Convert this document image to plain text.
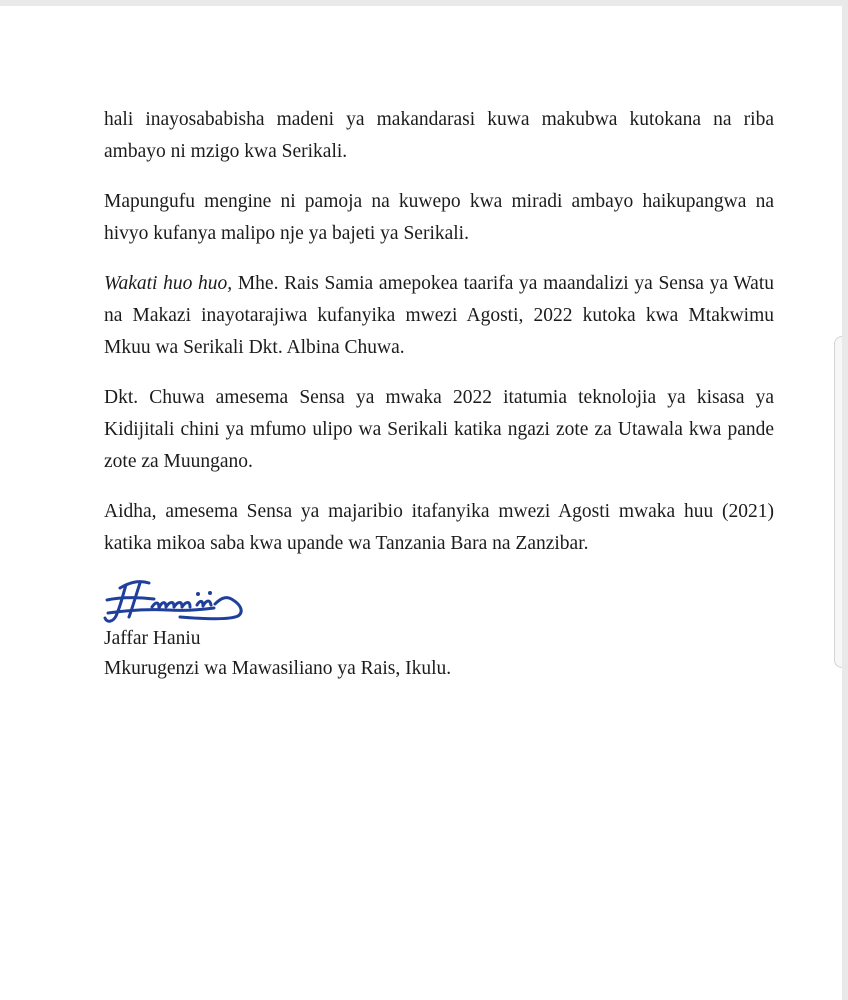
hali inayosababisha madeni ya makandarasi kuwa makubwa kutokana na riba ambayo ni mzigo kwa Serikali.

Mapungufu mengine ni pamoja na kuwepo kwa miradi ambayo haikupangwa na hivyo kufanya malipo nje ya bajeti ya Serikali.

Wakati huo huo, Mhe. Rais Samia amepokea taarifa ya maandalizi ya Sensa ya Watu na Makazi inayotarajiwa kufanyika mwezi Agosti, 2022 kutoka kwa Mtakwimu Mkuu wa Serikali Dkt. Albina Chuwa.

Dkt. Chuwa amesema Sensa ya mwaka 2022 itatumia teknolojia ya kisasa ya Kidijitali chini ya mfumo ulipo wa Serikali katika ngazi zote za Utawala kwa pande zote za Muungano.

Aidha, amesema Sensa ya majaribio itafanyika mwezi Agosti mwaka huu (2021) katika mikoa saba kwa upande wa Tanzania Bara na Zanzibar.

Jaffar Haniu
Mkurugenzi wa Mawasiliano ya Rais, Ikulu.
